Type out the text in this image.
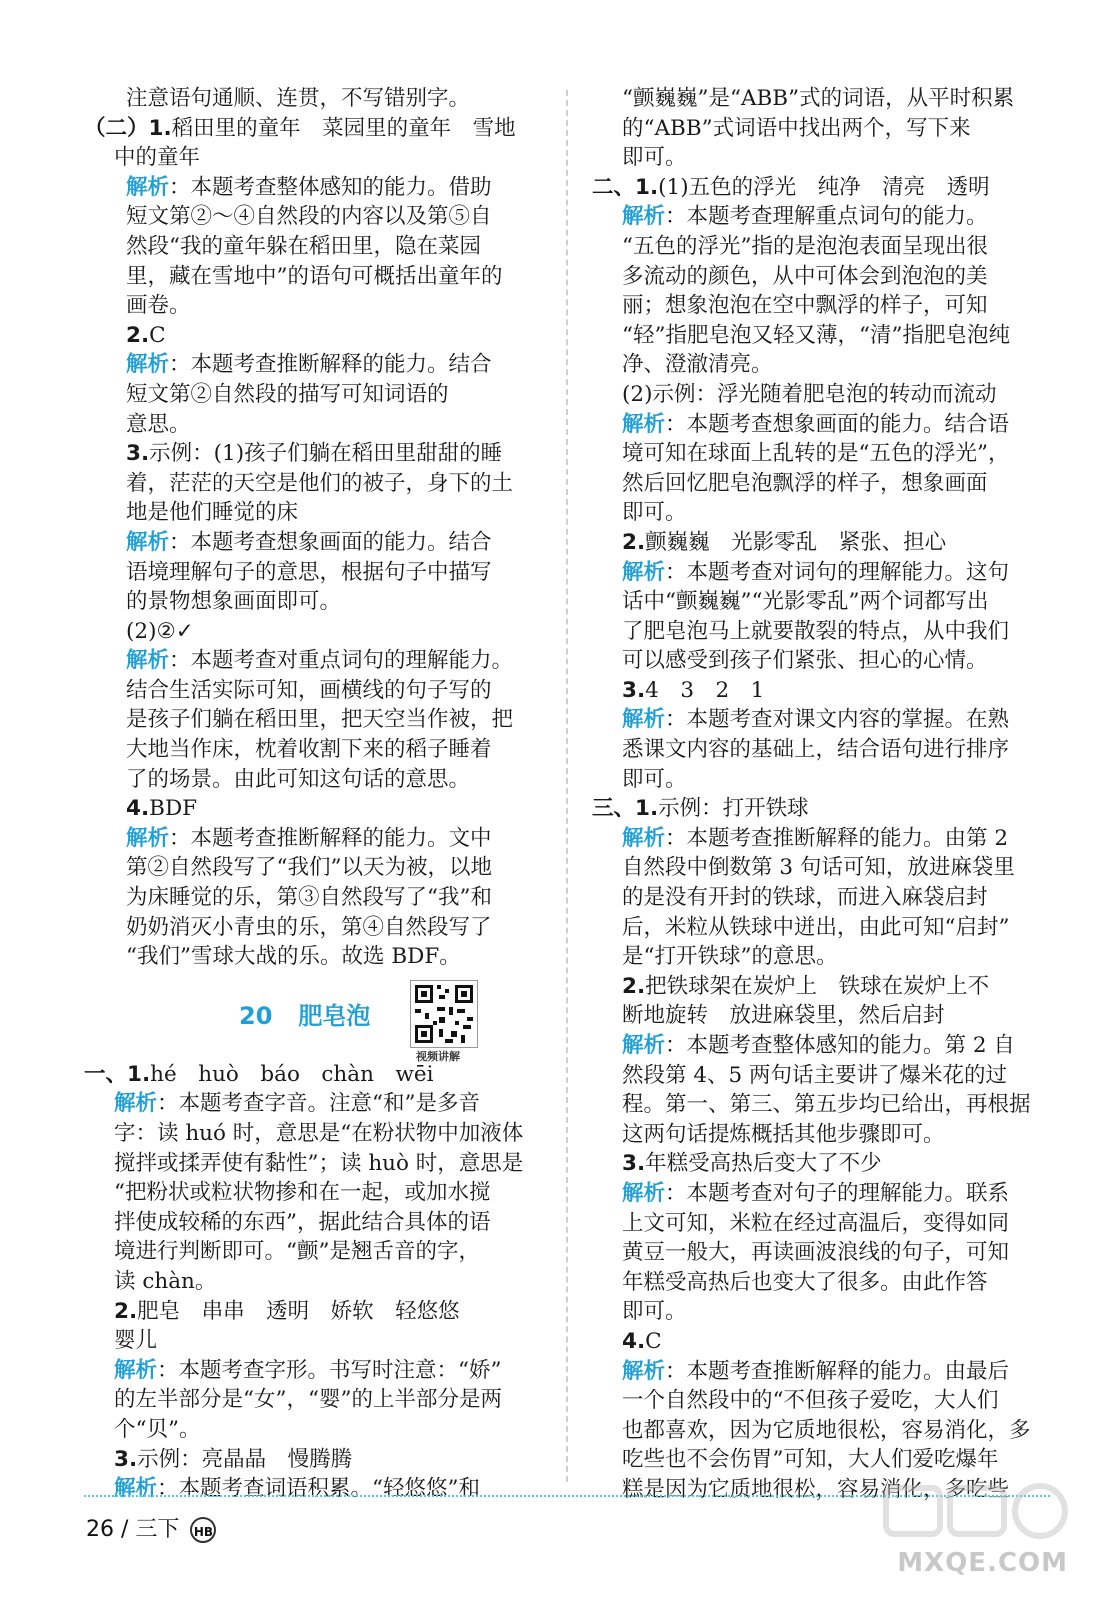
注意语句通顺、连贯，不写错别字。

（二）1.稻田里的童年　菜园里的童年　雪地

中的童年

解析：本题考查整体感知的能力。借助

短文第②～④自然段的内容以及第⑤自

然段“我的童年躲在稻田里，隐在菜园

里，藏在雪地中”的语句可概括出童年的

画卷。

2.C

解析：本题考查推断解释的能力。结合

短文第②自然段的描写可知词语的

意思。

3.示例：(1)孩子们躺在稻田里甜甜的睡

着，茫茫的天空是他们的被子，身下的土

地是他们睡觉的床

解析：本题考查想象画面的能力。结合

语境理解句子的意思，根据句子中描写

的景物想象画面即可。

(2)②✓

解析：本题考查对重点词句的理解能力。

结合生活实际可知，画横线的句子写的

是孩子们躺在稻田里，把天空当作被，把

大地当作床，枕着收割下来的稻子睡着

了的场景。由此可知这句话的意思。

4.BDF

解析：本题考查推断解释的能力。文中

第②自然段写了“我们”以天为被，以地

为床睡觉的乐，第③自然段写了“我”和

奶奶消灭小青虫的乐，第④自然段写了

“我们”雪球大战的乐。故选 BDF。

20 肥皂泡
视频讲解

一、1.hé　huò　báo　chàn　wēi

解析：本题考查字音。注意“和”是多音

字：读 huó 时，意思是“在粉状物中加液体

搅拌或揉弄使有黏性”；读 huò 时，意思是

“把粉状或粒状物掺和在一起，或加水搅

拌使成较稀的东西”，据此结合具体的语

境进行判断即可。“颤”是翘舌音的字，

读 chàn。

2.肥皂　串串　透明　娇软　轻悠悠

婴儿

解析：本题考查字形。书写时注意：“娇”

的左半部分是“女”，“婴”的上半部分是两

个“贝”。

3.示例：亮晶晶　慢腾腾

解析：本题考查词语积累。“轻悠悠”和

“颤巍巍”是“ABB”式的词语，从平时积累

的“ABB”式词语中找出两个，写下来

即可。

二、1.(1)五色的浮光　纯净　清亮　透明

解析：本题考查理解重点词句的能力。

“五色的浮光”指的是泡泡表面呈现出很

多流动的颜色，从中可体会到泡泡的美

丽；想象泡泡在空中飘浮的样子，可知

“轻”指肥皂泡又轻又薄，“清”指肥皂泡纯

净、澄澈清亮。

(2)示例：浮光随着肥皂泡的转动而流动

解析：本题考查想象画面的能力。结合语

境可知在球面上乱转的是“五色的浮光”，

然后回忆肥皂泡飘浮的样子，想象画面

即可。

2.颤巍巍　光影零乱　紧张、担心

解析：本题考查对词句的理解能力。这句

话中“颤巍巍”“光影零乱”两个词都写出

了肥皂泡马上就要散裂的特点，从中我们

可以感受到孩子们紧张、担心的心情。

3.4　3　2　1

解析：本题考查对课文内容的掌握。在熟

悉课文内容的基础上，结合语句进行排序

即可。

三、1.示例：打开铁球

解析：本题考查推断解释的能力。由第 2

自然段中倒数第 3 句话可知，放进麻袋里

的是没有开封的铁球，而进入麻袋启封

后，米粒从铁球中迸出，由此可知“启封”

是“打开铁球”的意思。

2.把铁球架在炭炉上　铁球在炭炉上不

断地旋转　放进麻袋里，然后启封

解析：本题考查整体感知的能力。第 2 自

然段第 4、5 两句话主要讲了爆米花的过

程。第一、第三、第五步均已给出，再根据

这两句话提炼概括其他步骤即可。

3.年糕受高热后变大了不少

解析：本题考查对句子的理解能力。联系

上文可知，米粒在经过高温后，变得如同

黄豆一般大，再读画波浪线的句子，可知

年糕受高热后也变大了很多。由此作答

即可。

4.C

解析：本题考查推断解释的能力。由最后

一个自然段中的“不但孩子爱吃，大人们

也都喜欢，因为它质地很松，容易消化，多

吃些也不会伤胃”可知，大人们爱吃爆年

糕是因为它质地很松，容易消化，多吃些

26 / 三下 HB
MXQE.COM
